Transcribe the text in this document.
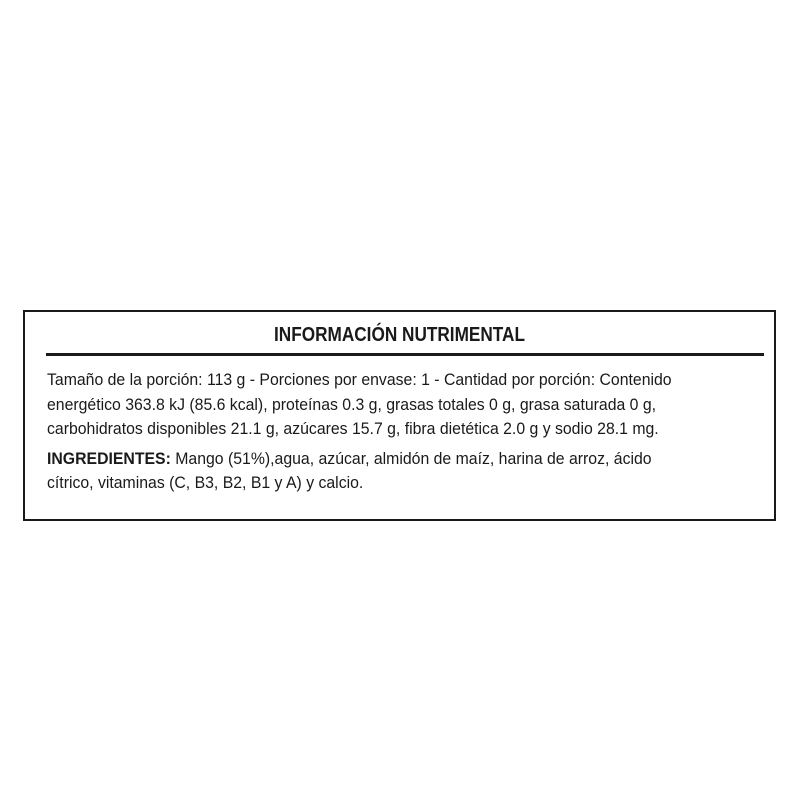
INFORMACIÓN NUTRIMENTAL
Tamaño de la porción: 113 g - Porciones por envase: 1 - Cantidad por porción: Contenido
energético 363.8 kJ (85.6 kcal), proteínas 0.3 g, grasas totales 0 g, grasa saturada 0 g,
carbohidratos disponibles 21.1 g, azúcares 15.7 g, fibra dietética 2.0 g y sodio 28.1 mg.
INGREDIENTES: Mango (51%),agua, azúcar, almidón de maíz, harina de arroz, ácido
cítrico, vitaminas (C, B3, B2, B1 y A) y calcio.
